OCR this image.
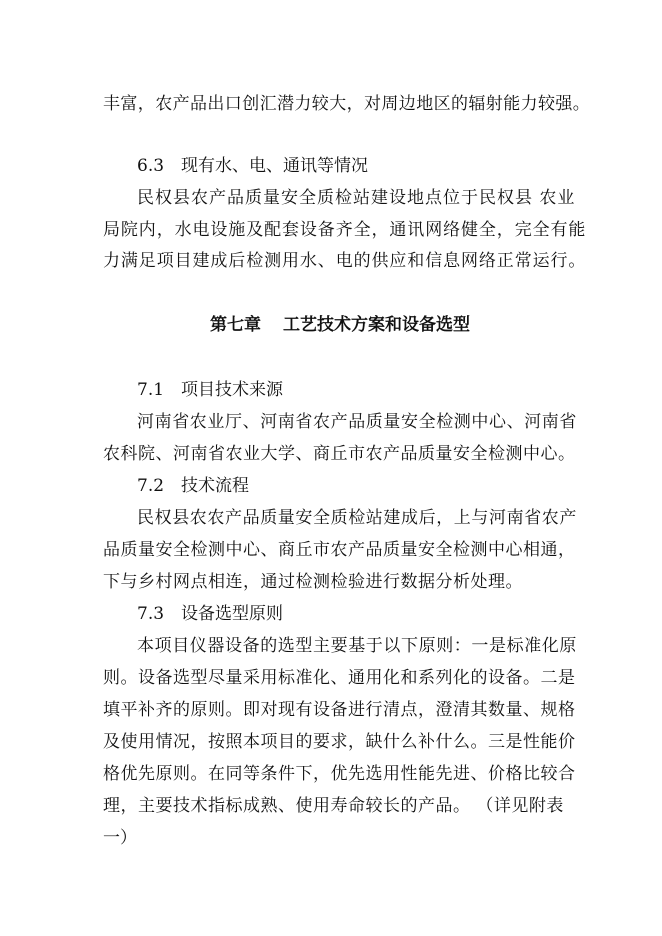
丰富，农产品出口创汇潜力较大，对周边地区的辐射能力较强。

6.3 现有水、电、通讯等情况

民权县农产品质量安全质检站建设地点位于民权县 农业

局院内，水电设施及配套设备齐全，通讯网络健全，完全有能

力满足项目建成后检测用水、电的供应和信息网络正常运行。

第七章 工艺技术方案和设备选型

7.1 项目技术来源

河南省农业厅、河南省农产品质量安全检测中心、河南省

农科院、河南省农业大学、商丘市农产品质量安全检测中心。

7.2 技术流程

民权县农农产品质量安全质检站建成后，上与河南省农产

品质量安全检测中心、商丘市农产品质量安全检测中心相通，

下与乡村网点相连，通过检测检验进行数据分析处理。

7.3 设备选型原则

本项目仪器设备的选型主要基于以下原则：一是标准化原

则。设备选型尽量采用标准化、通用化和系列化的设备。二是

填平补齐的原则。即对现有设备进行清点，澄清其数量、规格

及使用情况，按照本项目的要求，缺什么补什么。三是性能价

格优先原则。在同等条件下，优先选用性能先进、价格比较合

理，主要技术指标成熟、使用寿命较长的产品。 （详见附表

一）
